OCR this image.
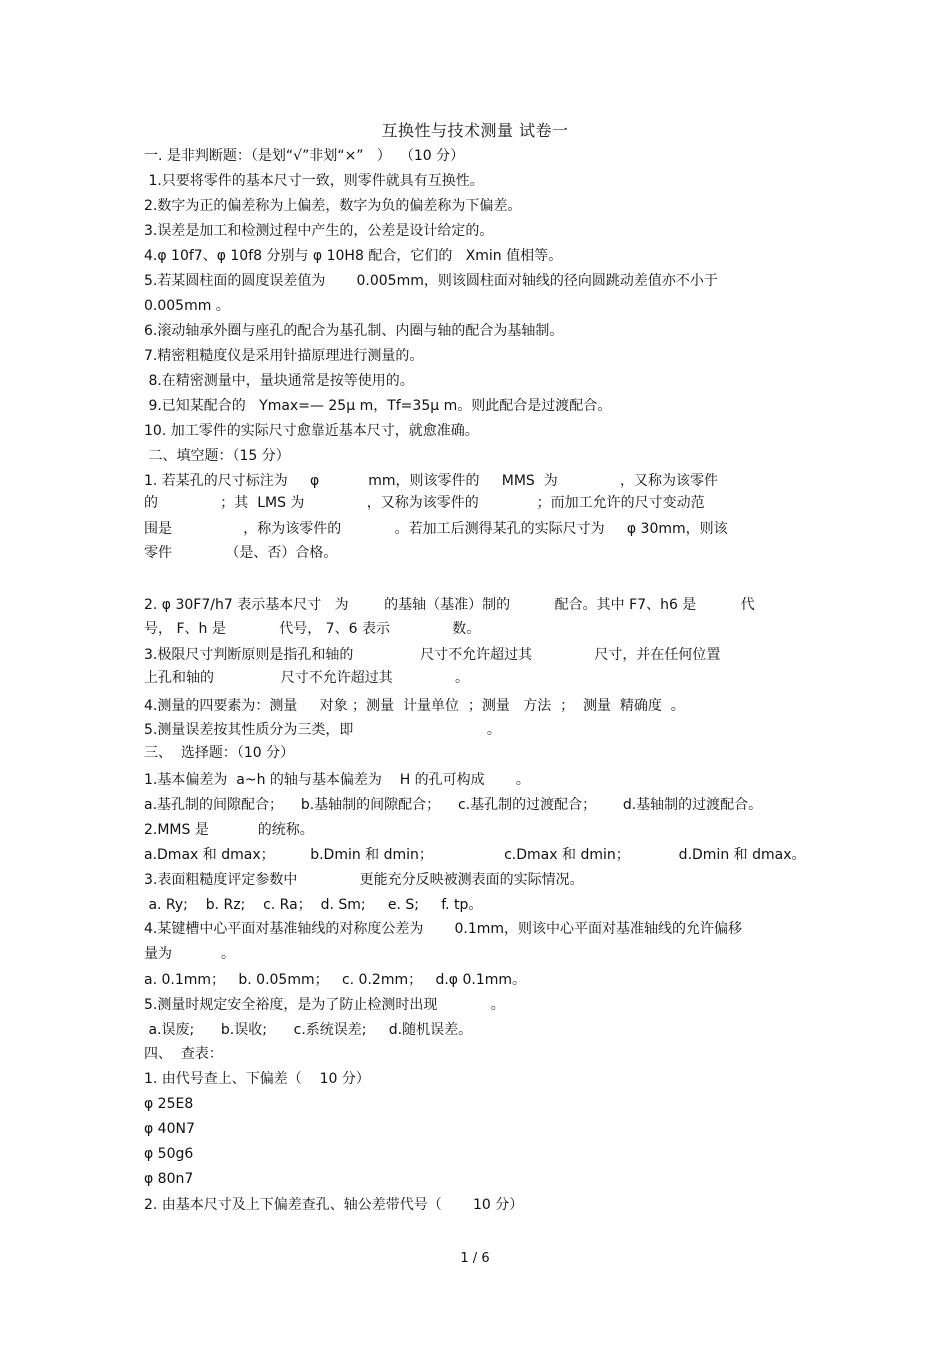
互换性与技术测量 试卷一
一. 是非判断题：（是划“√”非划“×”   ）  （10 分）
1.只要将零件的基本尺寸一致，则零件就具有互换性。
2.数字为正的偏差称为上偏差，数字为负的偏差称为下偏差。
3.误差是加工和检测过程中产生的，公差是设计给定的。
4.φ 10f7、φ 10f8 分别与 φ 10H8 配合，它们的   Xmin 值相等。
5.若某圆柱面的圆度误差值为       0.005mm，则该圆柱面对轴线的径向圆跳动差值亦不小于
0.005mm 。
6.滚动轴承外圈与座孔的配合为基孔制、内圈与轴的配合为基轴制。
7.精密粗糙度仪是采用针描原理进行测量的。
8.在精密测量中，量块通常是按等使用的。
9.已知某配合的   Ymax=— 25μ m，Tf=35μ m。则此配合是过渡配合。
10. 加工零件的实际尺寸愈靠近基本尺寸，就愈准确。
二、填空题：（15 分）
1. 若某孔的尺寸标注为     φ           mm，则该零件的     MMS  为              ，又称为该零件
的              ；其  LMS 为              ，又称为该零件的             ；而加工允许的尺寸变动范
围是                ，称为该零件的            。若加工后测得某孔的实际尺寸为     φ 30mm，则该
零件            （是、否）合格。
2. φ 30F7/h7 表示基本尺寸   为        的基轴（基准）制的          配合。其中 F7、h6 是          代
号， F、h 是            代号， 7、6 表示              数。
3.极限尺寸判断原则是指孔和轴的               尺寸不允许超过其              尺寸，并在任何位置
上孔和轴的               尺寸不允许超过其              。
4.测量的四要素为：测量     对象 ；测量  计量单位  ；测量   方法  ；  测量  精确度  。
5.测量误差按其性质分为三类，即                              。
三、  选择题：（10 分）
1.基本偏差为  a~h 的轴与基本偏差为    H 的孔可构成       。
a.基孔制的间隙配合；    b.基轴制的间隙配合；    c.基孔制的过渡配合；      d.基轴制的过渡配合。
2.MMS 是           的统称。
a.Dmax 和 dmax；        b.Dmin 和 dmin；                c.Dmax 和 dmin；           d.Dmin 和 dmax。
3.表面粗糙度评定参数中              更能充分反映被测表面的实际情况。
a. Ry;    b. Rz;    c. Ra；  d. Sm;     e. S;     f. tp。
4.某键槽中心平面对基准轴线的对称度公差为       0.1mm，则该中心平面对基准轴线的允许偏移
量为           。
a. 0.1mm；   b. 0.05mm；   c. 0.2mm；   d.φ 0.1mm。
5.测量时规定安全裕度，是为了防止检测时出现            。
a.误废;      b.误收;      c.系统误差;     d.随机误差。
四、  查表：
1. 由代号查上、下偏差（    10 分）
φ 25E8
φ 40N7
φ 50g6
φ 80n7
2. 由基本尺寸及上下偏差查孔、轴公差带代号（       10 分）
1 / 6
